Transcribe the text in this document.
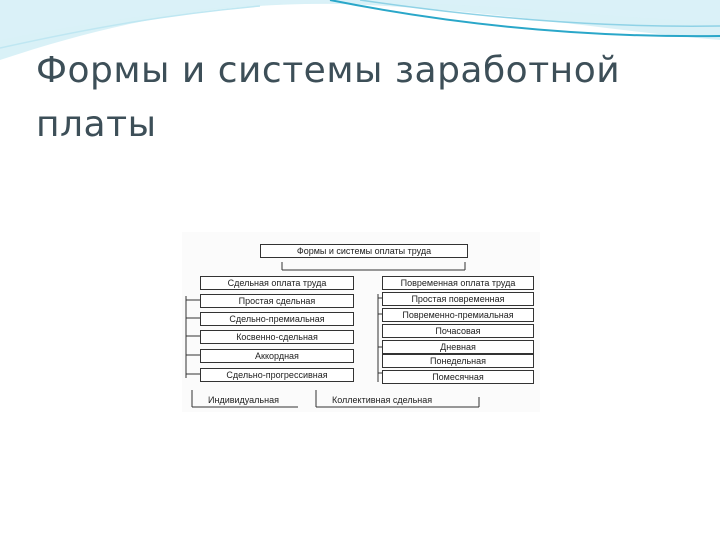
Формы и системы заработной платы
Формы и системы оплаты труда
Сдельная оплата труда
Простая сдельная
Сдельно-премиальная
Косвенно-сдельная
Аккордная
Сдельно-прогрессивная
Индивидуальная	Коллективная сдельная
Повременная оплата труда
Простая повременная
Повременно-премиальная
Почасовая
Дневная
Понедельная
Помесячная
